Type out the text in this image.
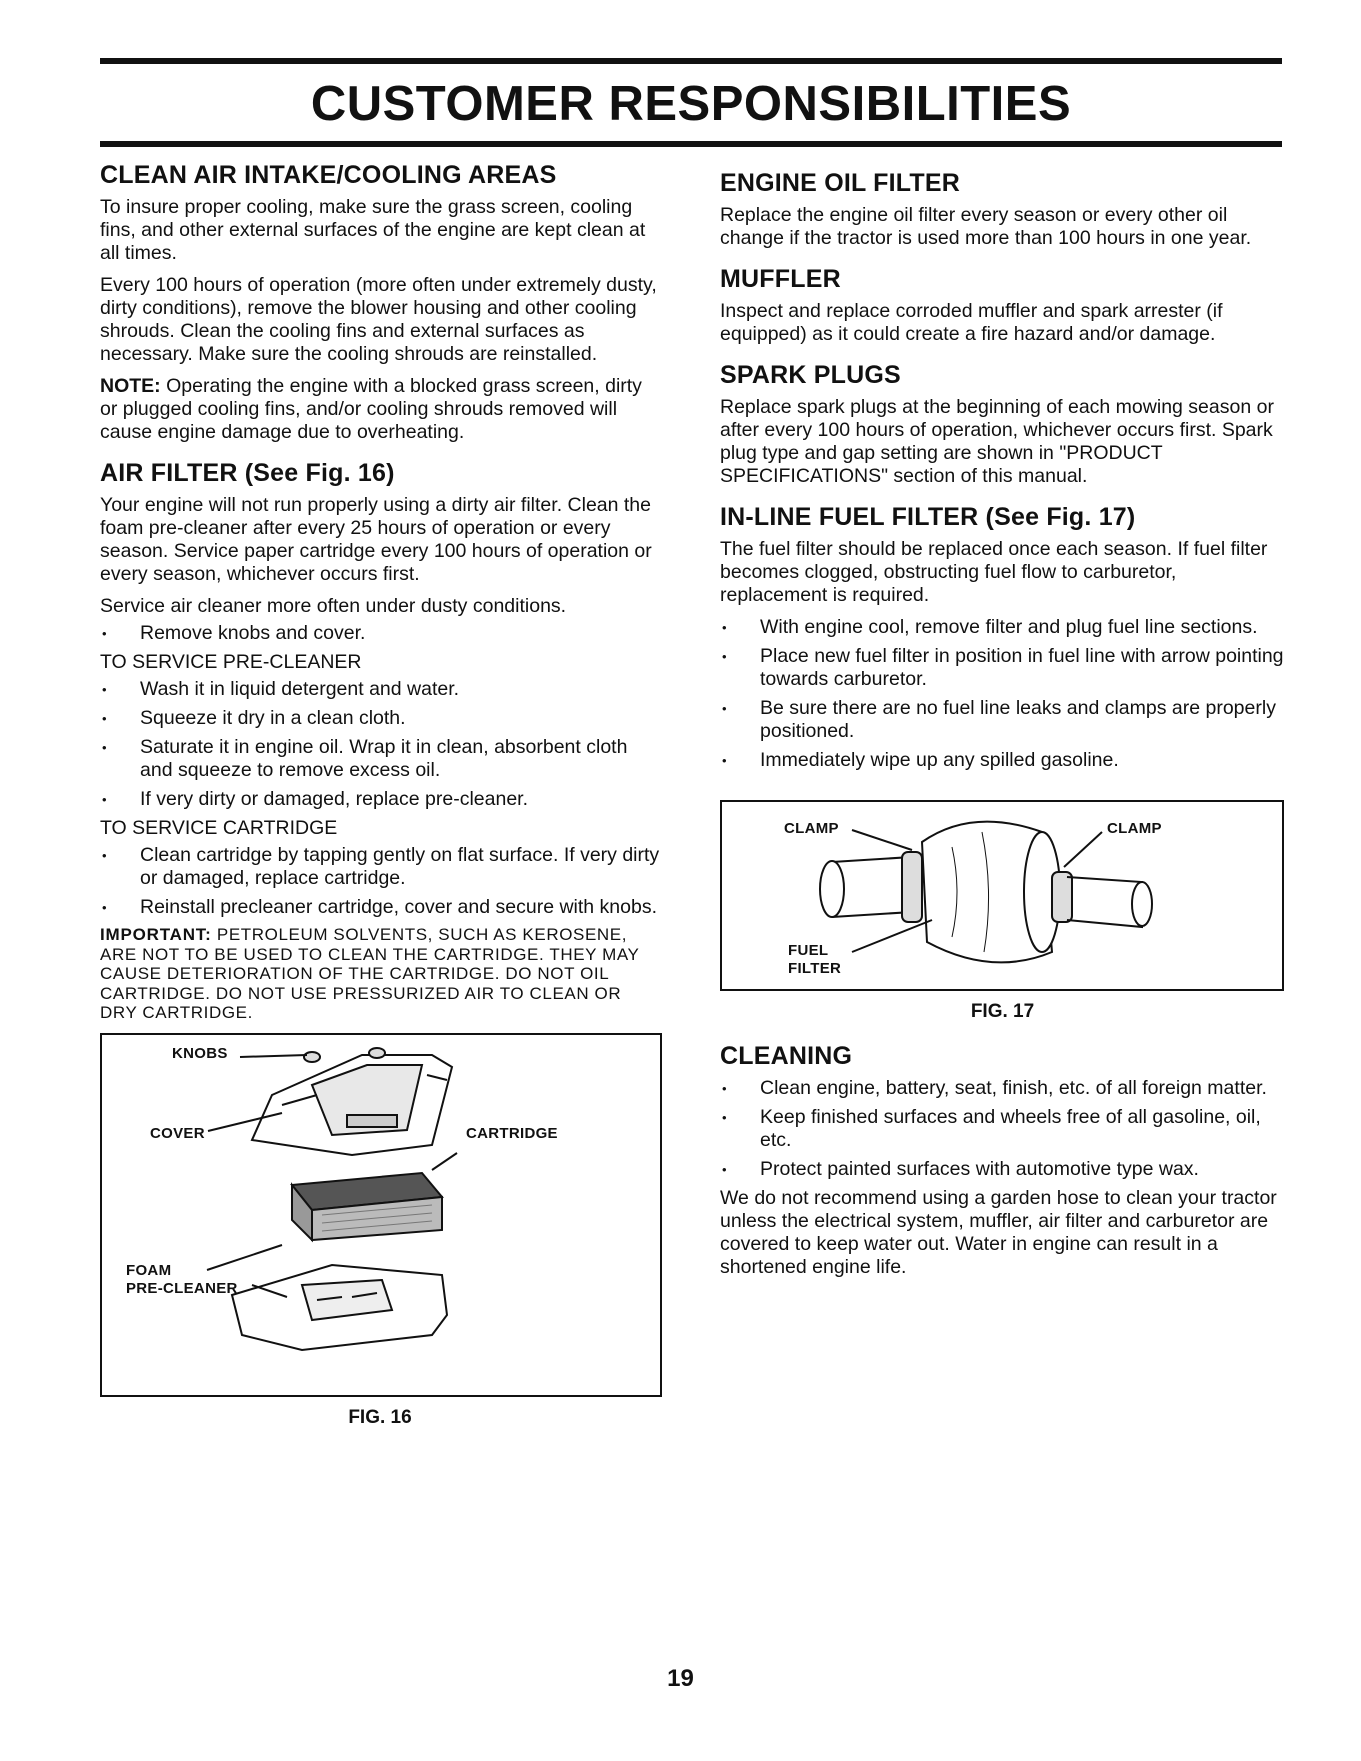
CUSTOMER RESPONSIBILITIES
CLEAN AIR INTAKE/COOLING AREAS

To insure proper cooling, make sure the grass screen, cooling fins, and other external surfaces of the engine are kept clean at all times.

Every 100 hours of operation (more often under extremely dusty, dirty conditions), remove the blower housing and other cooling shrouds. Clean the cooling fins and external surfaces as necessary. Make sure the cooling shrouds are reinstalled.

NOTE: Operating the engine with a blocked grass screen, dirty or plugged cooling fins, and/or cooling shrouds removed will cause engine damage due to overheating.

AIR FILTER (See Fig. 16)

Your engine will not run properly using a dirty air filter. Clean the foam pre-cleaner after every 25 hours of operation or every season. Service paper cartridge every 100 hours of operation or every season, whichever occurs first.

Service air cleaner more often under dusty conditions.

• Remove knobs and cover.
TO SERVICE PRE-CLEANER
• Wash it in liquid detergent and water.
• Squeeze it dry in a clean cloth.
• Saturate it in engine oil. Wrap it in clean, absorbent cloth and squeeze to remove excess oil.
• If very dirty or damaged, replace pre-cleaner.
TO SERVICE CARTRIDGE
• Clean cartridge by tapping gently on flat surface. If very dirty or damaged, replace cartridge.
• Reinstall precleaner cartridge, cover and secure with knobs.

IMPORTANT: PETROLEUM SOLVENTS, SUCH AS KEROSENE, ARE NOT TO BE USED TO CLEAN THE CARTRIDGE. THEY MAY CAUSE DETERIORATION OF THE CARTRIDGE. DO NOT OIL CARTRIDGE. DO NOT USE PRESSURIZED AIR TO CLEAN OR DRY CARTRIDGE.

KNOBS
COVER	CARTRIDGE
FOAM
PRE-CLEANER
FIG. 16
ENGINE OIL FILTER

Replace the engine oil filter every season or every other oil change if the tractor is used more than 100 hours in one year.

MUFFLER

Inspect and replace corroded muffler and spark arrester (if equipped) as it could create a fire hazard and/or damage.

SPARK PLUGS

Replace spark plugs at the beginning of each mowing season or after every 100 hours of operation, whichever occurs first. Spark plug type and gap setting are shown in "PRODUCT SPECIFICATIONS" section of this manual.

IN-LINE FUEL FILTER (See Fig. 17)

The fuel filter should be replaced once each season. If fuel filter becomes clogged, obstructing fuel flow to carburetor, replacement is required.

• With engine cool, remove filter and plug fuel line sections.
• Place new fuel filter in position in fuel line with arrow pointing towards carburetor.
• Be sure there are no fuel line leaks and clamps are properly positioned.
• Immediately wipe up any spilled gasoline.
CLAMP	CLAMP
FUEL
FILTER
FIG. 17
CLEANING
• Clean engine, battery, seat, finish, etc. of all foreign matter.
• Keep finished surfaces and wheels free of all gasoline, oil, etc.
• Protect painted surfaces with automotive type wax.

We do not recommend using a garden hose to clean your tractor unless the electrical system, muffler, air filter and carburetor are covered to keep water out. Water in engine can result in a shortened engine life.

19
